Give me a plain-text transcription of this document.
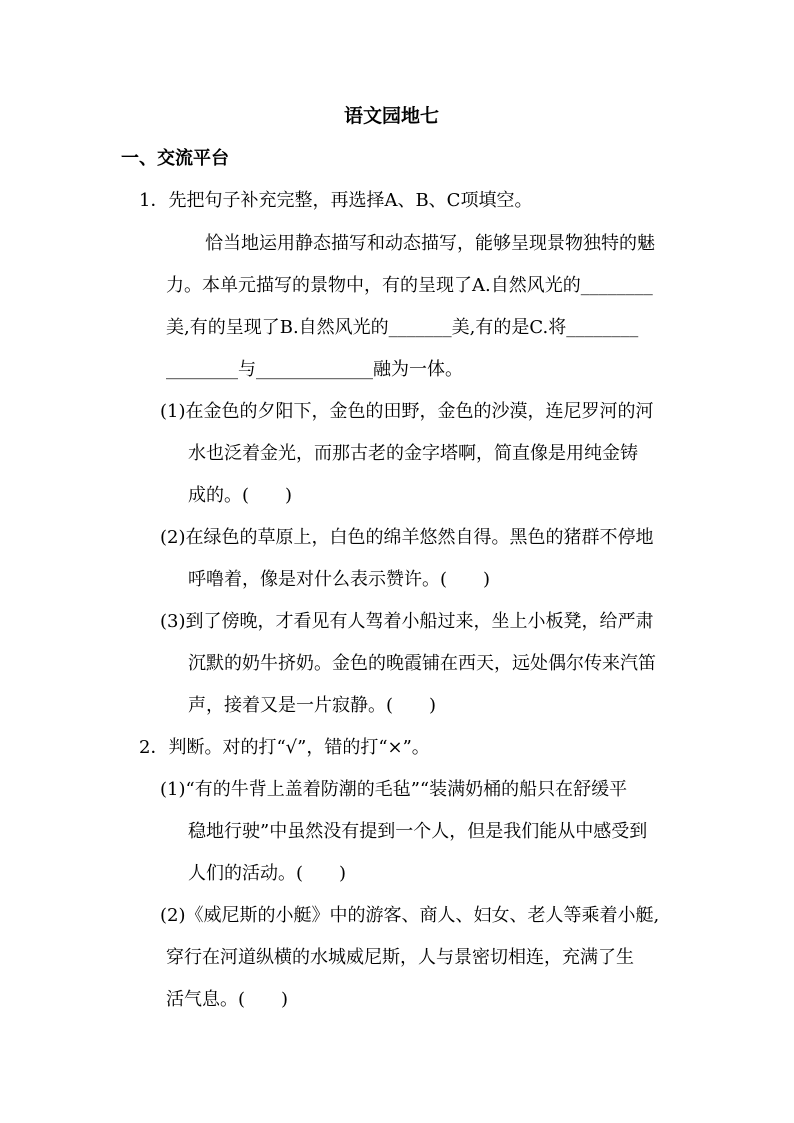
语文园地七
一、交流平台
1．先把句子补充完整，再选择A、B、C项填空。
恰当地运用静态描写和动态描写，能够呈现景物独特的魅
力。本单元描写的景物中，有的呈现了A.自然风光的________
美,有的呈现了B.自然风光的_______美,有的是C.将________
________与_____________融为一体。
(1)在金色的夕阳下，金色的田野，金色的沙漠，连尼罗河的河
水也泛着金光，而那古老的金字塔啊，简直像是用纯金铸
成的。(　　)
(2)在绿色的草原上，白色的绵羊悠然自得。黑色的猪群不停地
呼噜着，像是对什么表示赞许。(　　)
(3)到了傍晚，才看见有人驾着小船过来，坐上小板凳，给严肃
沉默的奶牛挤奶。金色的晚霞铺在西天，远处偶尔传来汽笛
声，接着又是一片寂静。(　　)
2．判断。对的打“√”，错的打“×”。
(1)“有的牛背上盖着防潮的毛毡”“装满奶桶的船只在舒缓平
稳地行驶”中虽然没有提到一个人，但是我们能从中感受到
人们的活动。(　　)
(2)《威尼斯的小艇》中的游客、商人、妇女、老人等乘着小艇,
穿行在河道纵横的水城威尼斯，人与景密切相连，充满了生
活气息。(　　)
